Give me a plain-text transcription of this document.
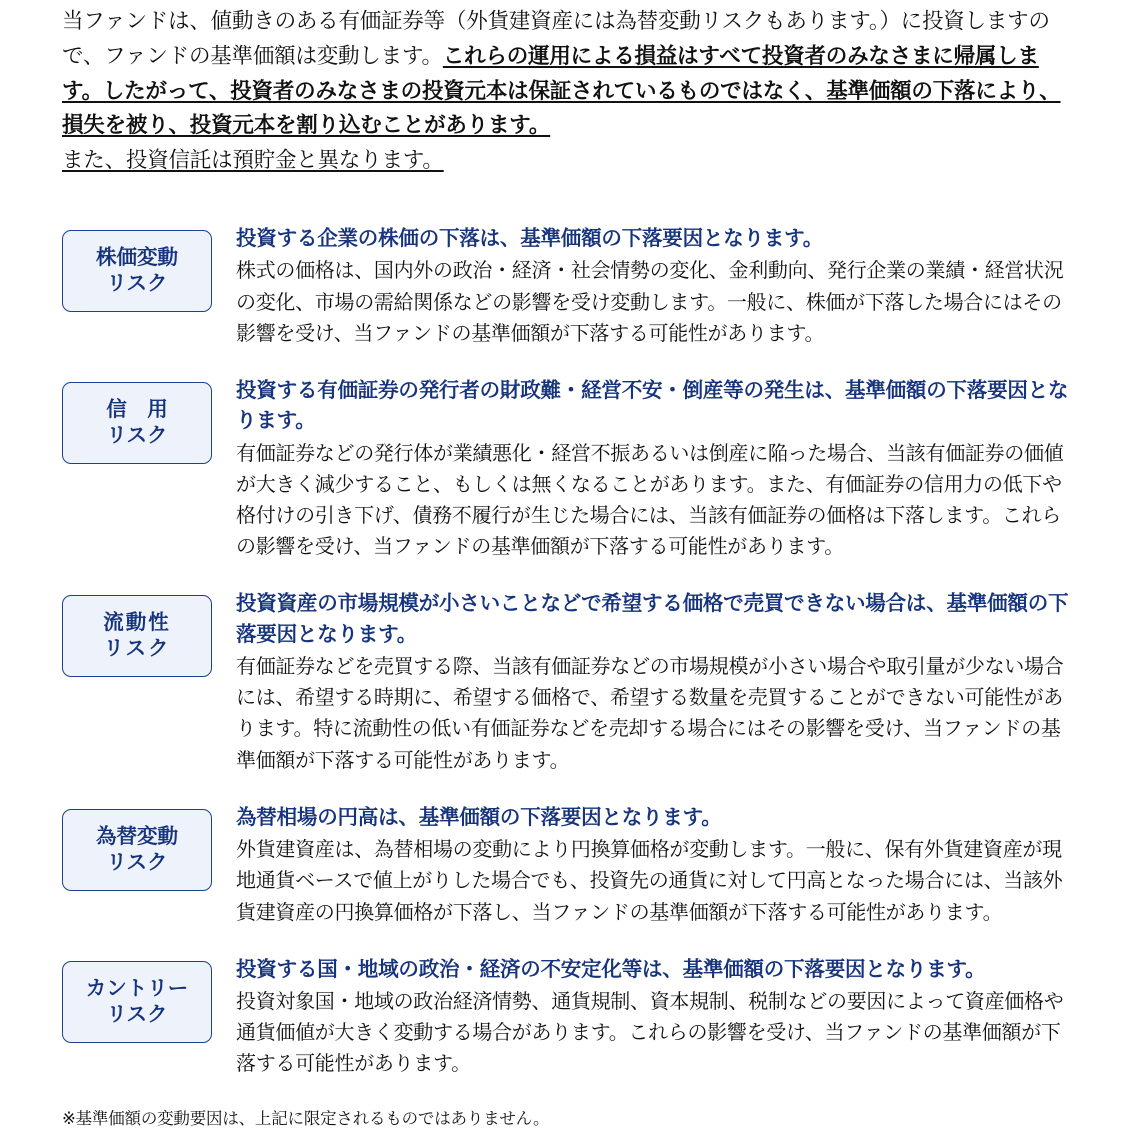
当ファンドは、値動きのある有価証券等（外貨建資産には為替変動リスクもあります。）に投資しますので、ファンドの基準価額は変動します。これらの運用による損益はすべて投資者のみなさまに帰属します。したがって、投資者のみなさまの投資元本は保証されているものではなく、基準価額の下落により、損失を被り、投資元本を割り込むことがあります。
また、投資信託は預貯金と異なります。
株価変動
リスク
投資する企業の株価の下落は、基準価額の下落要因となります。
株式の価格は、国内外の政治・経済・社会情勢の変化、金利動向、発行企業の業績・経営状況の変化、市場の需給関係などの影響を受け変動します。一般に、株価が下落した場合にはその影響を受け、当ファンドの基準価額が下落する可能性があります。
信　用
リスク
投資する有価証券の発行者の財政難・経営不安・倒産等の発生は、基準価額の下落要因となります。
有価証券などの発行体が業績悪化・経営不振あるいは倒産に陥った場合、当該有価証券の価値が大きく減少すること、もしくは無くなることがあります。また、有価証券の信用力の低下や格付けの引き下げ、債務不履行が生じた場合には、当該有価証券の価格は下落します。これらの影響を受け、当ファンドの基準価額が下落する可能性があります。
流動性
リスク
投資資産の市場規模が小さいことなどで希望する価格で売買できない場合は、基準価額の下落要因となります。
有価証券などを売買する際、当該有価証券などの市場規模が小さい場合や取引量が少ない場合には、希望する時期に、希望する価格で、希望する数量を売買することができない可能性があります。特に流動性の低い有価証券などを売却する場合にはその影響を受け、当ファンドの基準価額が下落する可能性があります。
為替変動
リスク
為替相場の円高は、基準価額の下落要因となります。
外貨建資産は、為替相場の変動により円換算価格が変動します。一般に、保有外貨建資産が現地通貨ベースで値上がりした場合でも、投資先の通貨に対して円高となった場合には、当該外貨建資産の円換算価格が下落し、当ファンドの基準価額が下落する可能性があります。
カントリー
リスク
投資する国・地域の政治・経済の不安定化等は、基準価額の下落要因となります。
投資対象国・地域の政治経済情勢、通貨規制、資本規制、税制などの要因によって資産価格や通貨価値が大きく変動する場合があります。これらの影響を受け、当ファンドの基準価額が下落する可能性があります。
※基準価額の変動要因は、上記に限定されるものではありません。
